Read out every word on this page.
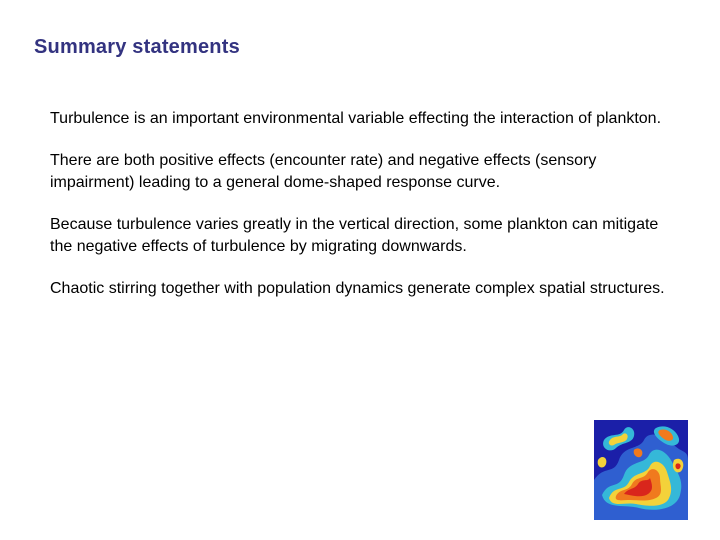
Summary statements
Turbulence is an important environmental variable effecting the interaction of plankton.
There are both positive effects (encounter rate) and negative effects (sensory impairment) leading to a general dome-shaped response curve.
Because turbulence varies greatly in the vertical direction, some plankton can mitigate the negative effects of turbulence by migrating downwards.
Chaotic stirring together with population dynamics generate complex spatial structures.
